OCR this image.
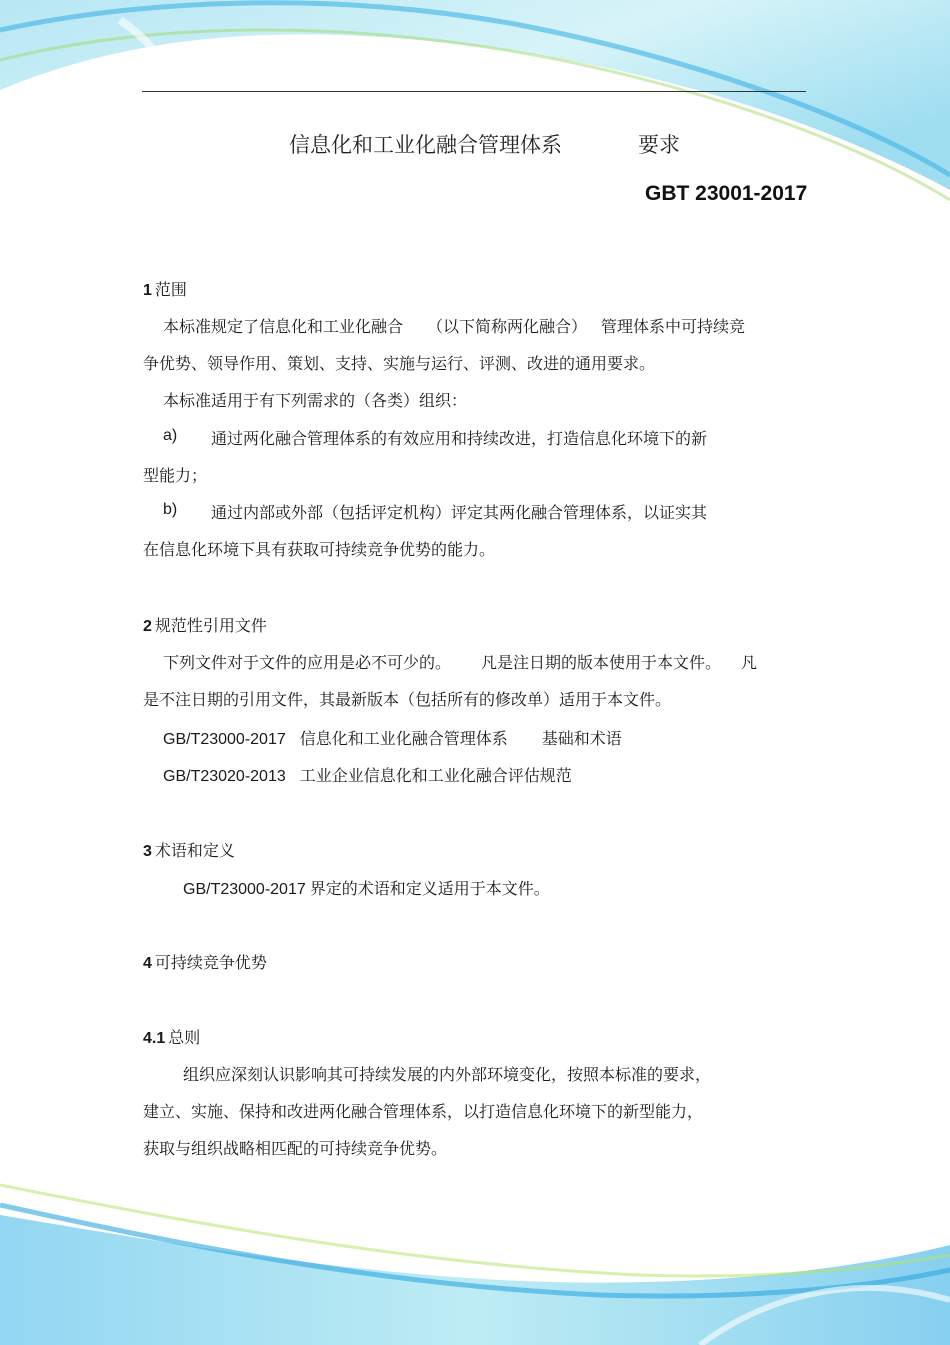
信息化和工业化融合管理体系	要求
GBT 23001-2017
1 范围
本标准规定了信息化和工业化融合 （以下简称两化融合） 管理体系中可持续竞
争优势、领导作用、策划、支持、实施与运行、评测、改进的通用要求。
本标准适用于有下列需求的（各类）组织：
a) 通过两化融合管理体系的有效应用和持续改进，打造信息化环境下的新
型能力；
b) 通过内部或外部（包括评定机构）评定其两化融合管理体系，以证实其
在信息化环境下具有获取可持续竞争优势的能力。
2 规范性引用文件
下列文件对于文件的应用是必不可少的。 凡是注日期的版本使用于本文件。 凡
是不注日期的引用文件，其最新版本（包括所有的修改单）适用于本文件。
GB/T23000-2017 信息化和工业化融合管理体系 基础和术语
GB/T23020-2013 工业企业信息化和工业化融合评估规范
3 术语和定义
GB/T23000-2017 界定的术语和定义适用于本文件。
4 可持续竞争优势
4.1 总则
组织应深刻认识影响其可持续发展的内外部环境变化，按照本标准的要求，
建立、实施、保持和改进两化融合管理体系，以打造信息化环境下的新型能力，
获取与组织战略相匹配的可持续竞争优势。
